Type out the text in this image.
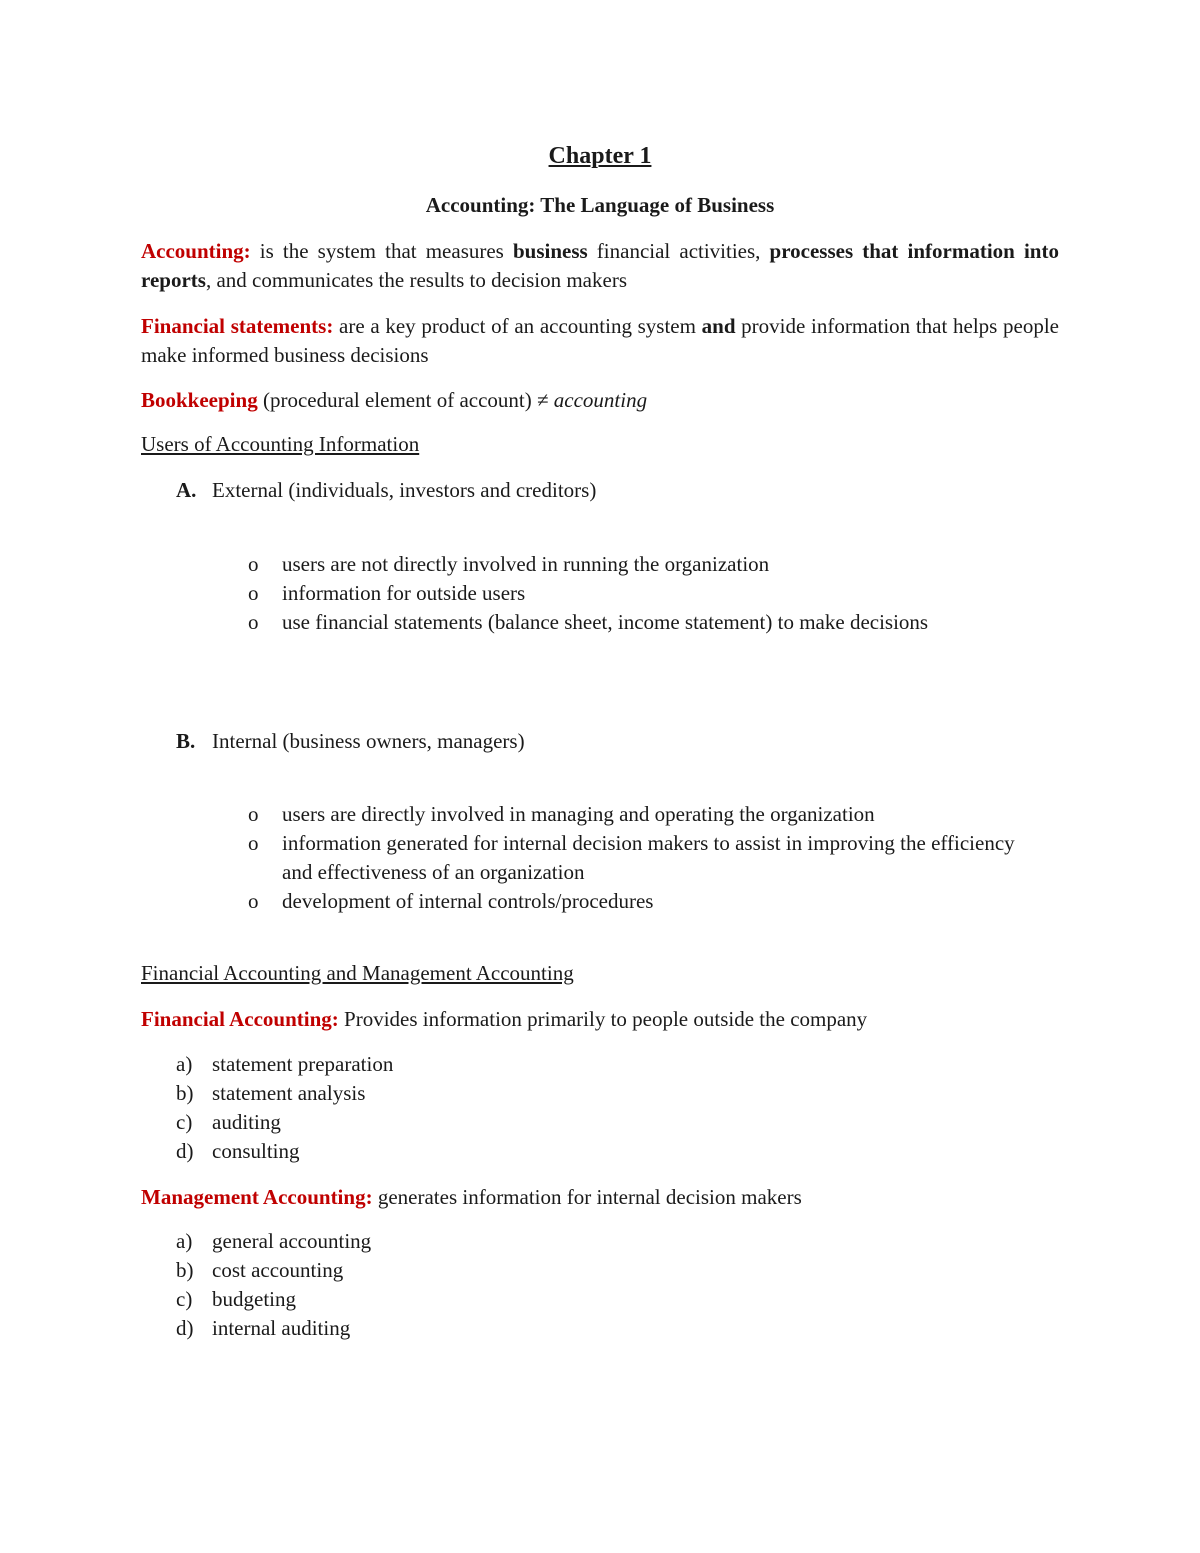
Chapter 1
Accounting: The Language of Business
Accounting: is the system that measures business financial activities, processes that information into reports, and communicates the results to decision makers
Financial statements: are a key product of an accounting system and provide information that helps people make informed business decisions
Bookkeeping (procedural element of account) ≠ accounting
Users of Accounting Information
A. External (individuals, investors and creditors)
o users are not directly involved in running the organization
o information for outside users
o use financial statements (balance sheet, income statement) to make decisions
B. Internal (business owners, managers)
o users are directly involved in managing and operating the organization
o information generated for internal decision makers to assist in improving the efficiency and effectiveness of an organization
o development of internal controls/procedures
Financial Accounting and Management Accounting
Financial Accounting: Provides information primarily to people outside the company
a) statement preparation
b) statement analysis
c) auditing
d) consulting
Management Accounting: generates information for internal decision makers
a) general accounting
b) cost accounting
c) budgeting
d) internal auditing
